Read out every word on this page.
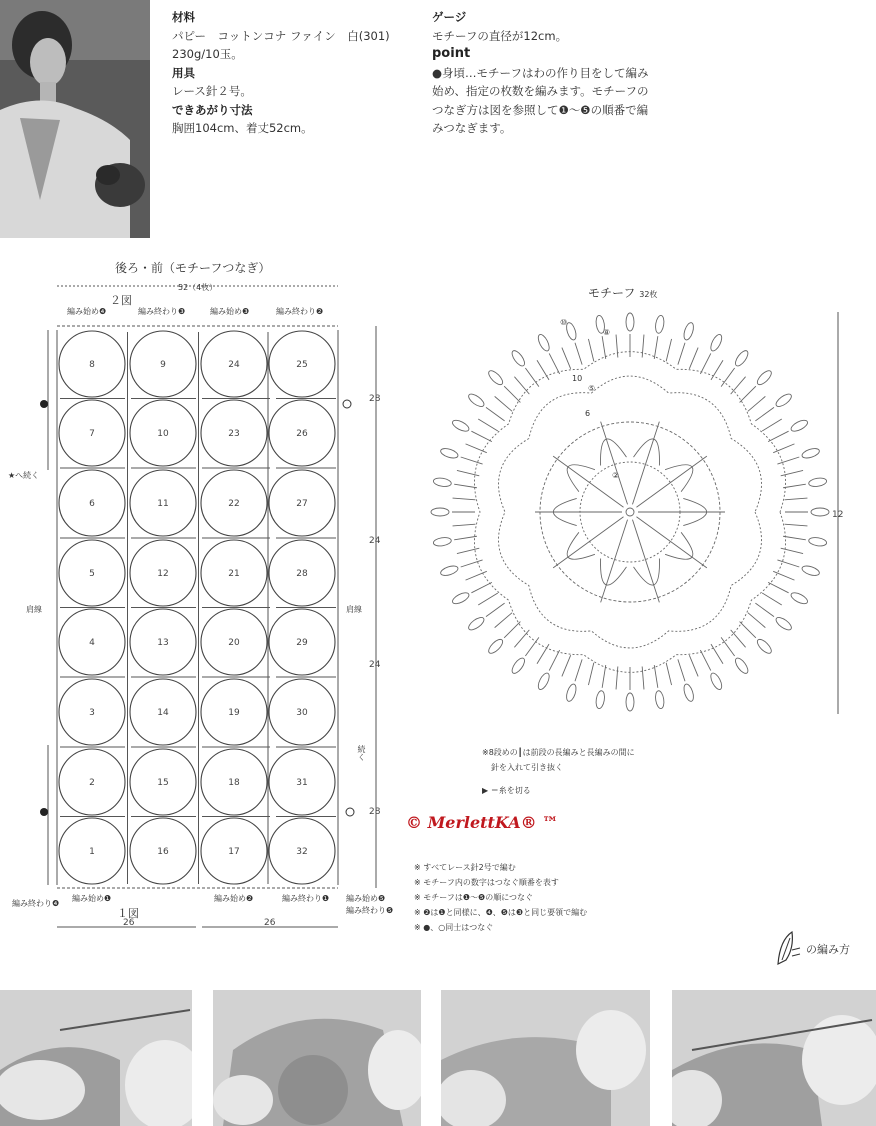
材料
パピー　コットンコナ ファイン　白(301)
230g/10玉。
用具
レース針２号。
できあがり寸法
胸囲104cm、着丈52cm。
ゲージ
モチーフの直径が12cm。
point
●身頃…モチーフはわの作り目をして編み
始め、指定の枚数を編みます。モチーフの
つなぎ方は図を参照して❶～❺の順番で編
みつなぎます。
後ろ・前（モチーフつなぎ）
52（4枚）
２図
１図
編み始め❹	編み終わり❸	編み始め❸	編み終わり❷
編み終わり❹
編み始め❶	編み始め❷	編み終わり❶ 編み始め❺
編み終わり❺
★へ続く
続く
肩線	肩線
28
24
24
28
26	26
8
7
6
5
4
3
2
1
9
10
11
12
13
14
15
16
24
23
22
21
20
19
18
17
25
26
27
28
29
30
31
32
モチーフ 32枚
12
10
⑤
6
②
⑧
⑩
※8段めの┃は前段の長編みと長編みの間に
針を入れて引き抜く
▶ ＝糸を切る
© MerlettKA® ™
※ すべてレース針2号で編む
※ モチーフ内の数字はつなぐ順番を表す
※ モチーフは❶～❺の順につなぐ
※ ❷は❶と同様に、❹、❺は❸と同じ要領で編む
※ ●、○同士はつなぐ
の編み方
